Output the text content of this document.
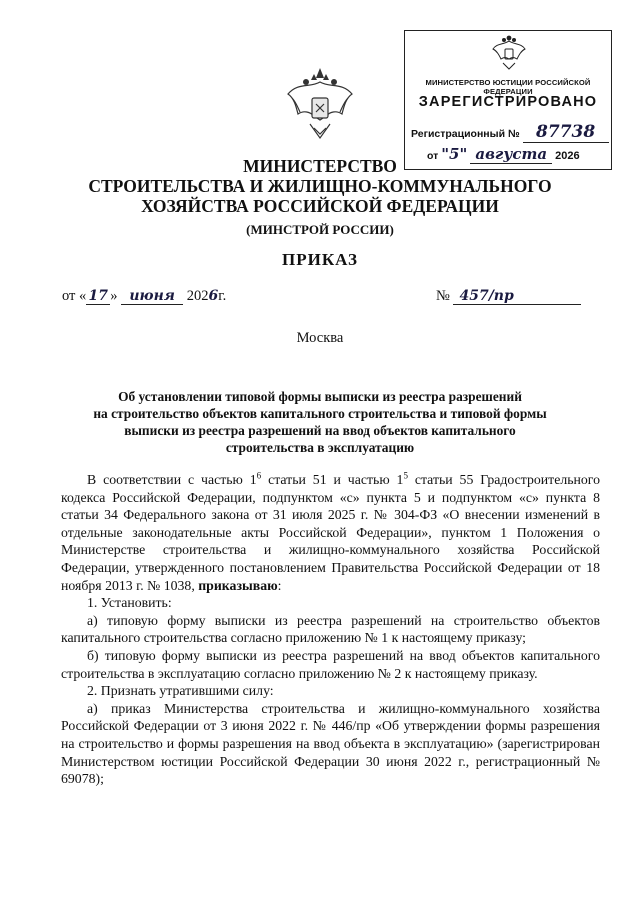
МИНИСТЕРСТВО ЮСТИЦИИ РОССИЙСКОЙ ФЕДЕРАЦИИ
ЗАРЕГИСТРИРОВАНО
Регистрационный № 87738
от "5" августа 2026
МИНИСТЕРСТВО
СТРОИТЕЛЬСТВА И ЖИЛИЩНО-КОММУНАЛЬНОГО
ХОЗЯЙСТВА РОССИЙСКОЙ ФЕДЕРАЦИИ
(МИНСТРОЙ РОССИИ)
ПРИКАЗ
от « 17 » июня 2026г.	№ 457/пр
Москва
Об установлении типовой формы выписки из реестра разрешений
на строительство объектов капитального строительства и типовой формы
выписки из реестра разрешений на ввод объектов капитального
строительства в эксплуатацию

В соответствии с частью $1^6$ статьи 51 и частью $1^5$ статьи 55 Градостроительного кодекса Российской Федерации, подпунктом «с» пункта 5 и подпунктом «с» пункта 8 статьи 34 Федерального закона от 31 июля 2025 г. № 304-ФЗ «О внесении изменений в отдельные законодательные акты Российской Федерации», пунктом 1 Положения о Министерстве строительства и жилищно-коммунального хозяйства Российской Федерации, утвержденного постановлением Правительства Российской Федерации от 18 ноября 2013 г. № 1038, приказываю:

1. Установить:

а) типовую форму выписки из реестра разрешений на строительство объектов капитального строительства согласно приложению № 1 к настоящему приказу;

б) типовую форму выписки из реестра разрешений на ввод объектов капитального строительства в эксплуатацию согласно приложению № 2 к настоящему приказу.

2. Признать утратившими силу:

а) приказ Министерства строительства и жилищно-коммунального хозяйства Российской Федерации от 3 июня 2022 г. № 446/пр «Об утверждении формы разрешения на строительство и формы разрешения на ввод объекта в эксплуатацию» (зарегистрирован Министерством юстиции Российской Федерации 30 июня 2022 г., регистрационный № 69078);
